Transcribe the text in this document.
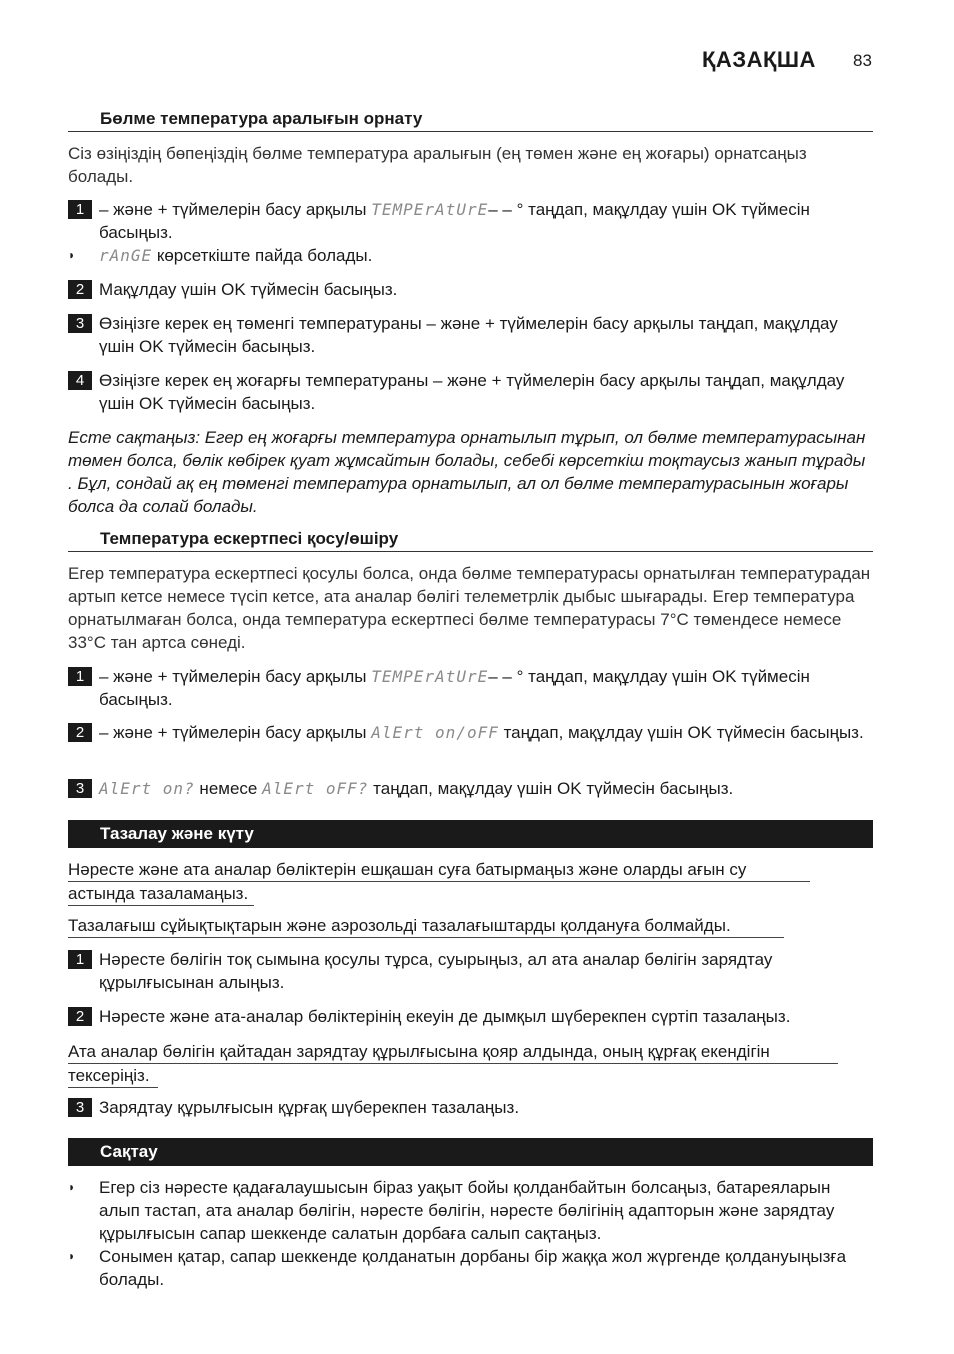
ҚАЗАҚША 83
Бөлме температура аралығын орнату
Сіз өзіңіздің бөпеңіздің бөлме температура аралығын (ең төмен және ең жоғары) орнатсаңыз болады.
1 – және + түймелерін басу арқылы TEMPErAtUrE– – ° таңдап, мақұлдау үшін OK түймесін басыңыз.
◗ rAnGE көрсеткіште пайда болады.
2 Мақұлдау үшін OK түймесін басыңыз.
3 Өзіңізге керек ең төменгі температураны – және + түймелерін басу арқылы таңдап, мақұлдау үшін OK түймесін басыңыз.
4 Өзіңізге керек ең жоғарғы температураны – және + түймелерін басу арқылы таңдап, мақұлдау үшін OK түймесін басыңыз.
Есте сақтаңыз: Егер ең жоғарғы температура орнатылып тұрып, ол бөлме температурасынан төмен болса, бөлік көбірек қуат жұмсайтын болады, себебі көрсеткіш тоқтаусыз жанып тұрады . Бұл, сондай ақ ең төменгі температура орнатылып, ал ол бөлме температурасынын жоғары болса да солай болады.
Температура ескертпесі қосу/өшіру
Егер температура ескертпесі қосулы болса, онда бөлме температурасы орнатылған температурадан артып кетсе немесе түсіп кетсе, ата аналар бөлігі телеметрлік дыбыс шығарады. Егер температура орнатылмаған болса, онда температура ескертпесі бөлме температурасы 7°C төмендесе немесе 33°C тан артса сөнеді.
1 – және + түймелерін басу арқылы TEMPErAtUrE– – ° таңдап, мақұлдау үшін OK түймесін басыңыз.
2 – және + түймелерін басу арқылы AlErt on/oFF таңдап, мақұлдау үшін OK түймесін басыңыз.
3 AlErt on? немесе AlErt oFF? таңдап, мақұлдау үшін OK түймесін басыңыз.
Тазалау және күту
Нәресте және ата аналар бөліктерін ешқашан суға батырмаңыз және оларды ағын су
астында тазаламаңыз.
Тазалағыш сұйықтықтарын және аэрозольді тазалағыштарды қолдануға болмайды.
1 Нәресте бөлігін тоқ сымына қосулы тұрса, суырыңыз, ал ата аналар бөлігін зарядтау құрылғысынан алыңыз.
2 Нәресте және ата-аналар бөліктерінің екеуін де дымқыл шүберекпен сүртіп тазалаңыз.
Ата аналар бөлігін қайтадан зарядтау құрылғысына қояр алдында, оның құрғақ екендігін
тексеріңіз.
3 Зарядтау құрылғысын құрғақ шүберекпен тазалаңыз.
Сақтау
◗ Егер сіз нәресте қадағалаушысын біраз уақыт бойы қолданбайтын болсаңыз, батареяларын алып тастап, ата аналар бөлігін, нәресте бөлігін, нәресте бөлігінің адапторын және зарядтау құрылғысын сапар шеккенде салатын дорбаға салып сақтаңыз.
◗ Сонымен қатар, сапар шеккенде қолданатын дорбаны бір жаққа жол жүргенде қолдануыңызға болады.
